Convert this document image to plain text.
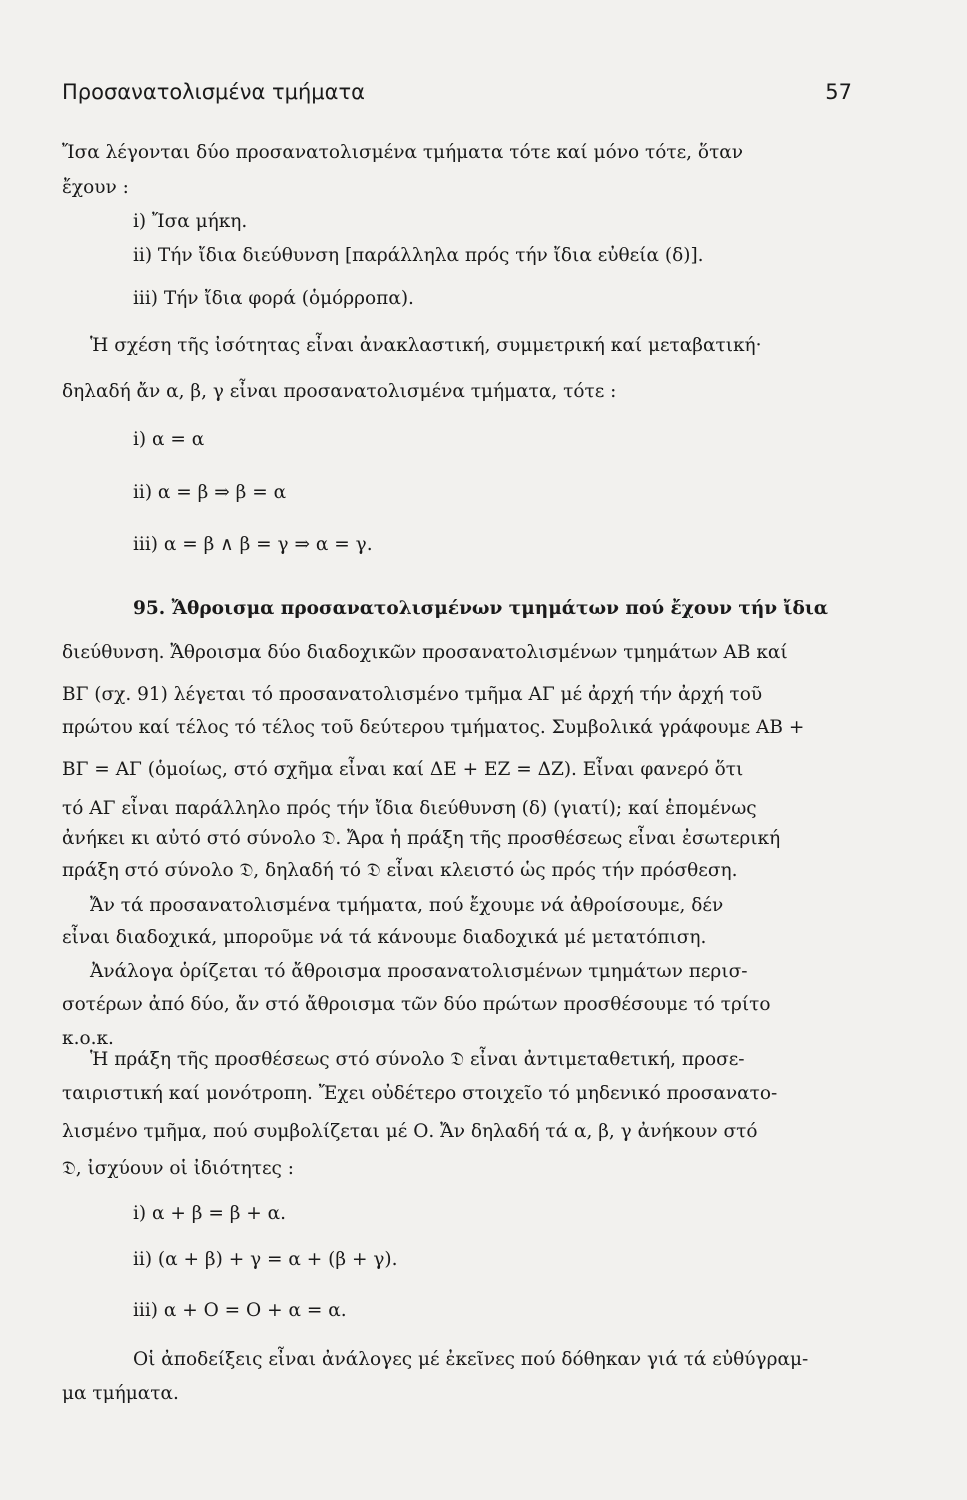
Προσανατολισμένα τμήματα	57
Ἴσα λέγονται δύο προσανατολισμένα τμήματα τότε καί μόνο τότε, ὅταν
ἔχουν :
i) Ἴσα μήκη.
ii) Τήν ἴδια διεύθυνση [παράλληλα πρός τήν ἴδια εὐθεία (δ)].
iii) Τήν ἴδια φορά (ὁμόρροπα).
Ἡ σχέση τῆς ἰσότητας εἶναι ἀνακλαστική, συμμετρική καί μεταβατική·
δηλαδή ἄν α, β, γ εἶναι προσανατολισμένα τμήματα, τότε :
i) α = α
ii) α = β ⇒ β = α
iii) α = β ∧ β = γ ⇒ α = γ.
95. Ἄθροισμα προσανατολισμένων τμημάτων πού ἔχουν τήν ἴδια
διεύθυνση. Ἄθροισμα δύο διαδοχικῶν προσανατολισμένων τμημάτων ΑΒ καί
ΒΓ (σχ. 91) λέγεται τό προσανατολισμένο τμῆμα ΑΓ μέ ἀρχή τήν ἀρχή τοῦ
πρώτου καί τέλος τό τέλος τοῦ δεύτερου τμήματος. Συμβολικά γράφουμε ΑΒ +
ΒΓ = ΑΓ (ὁμοίως, στό σχῆμα εἶναι καί ΔΕ + ΕΖ = ΔΖ). Εἶναι φανερό ὅτι
τό ΑΓ εἶναι παράλληλο πρός τήν ἴδια διεύθυνση (δ) (γιατί); καί ἑπομένως
ἀνήκει κι αὐτό στό σύνολο 𝔇. Ἄρα ἡ πράξη τῆς προσθέσεως εἶναι ἐσωτερική
πράξη στό σύνολο 𝔇, δηλαδή τό 𝔇 εἶναι κλειστό ὡς πρός τήν πρόσθεση.
Ἄν τά προσανατολισμένα τμήματα, πού ἔχουμε νά ἀθροίσουμε, δέν
εἶναι διαδοχικά, μποροῦμε νά τά κάνουμε διαδοχικά μέ μετατόπιση.
Ἀνάλογα ὁρίζεται τό ἄθροισμα προσανατολισμένων τμημάτων περισ-
σοτέρων ἀπό δύο, ἄν στό ἄθροισμα τῶν δύο πρώτων προσθέσουμε τό τρίτο
κ.ο.κ.
Ἡ πράξη τῆς προσθέσεως στό σύνολο 𝔇 εἶναι ἀντιμεταθετική, προσε-
ταιριστική καί μονότροπη. Ἔχει οὐδέτερο στοιχεῖο τό μηδενικό προσανατο-
λισμένο τμῆμα, πού συμβολίζεται μέ Ο. Ἄν δηλαδή τά α, β, γ ἀνήκουν στό
𝔇, ἰσχύουν οἱ ἰδιότητες :
i) α + β = β + α.
ii) (α + β) + γ = α + (β + γ).
iii) α + Ο = Ο + α = α.
Οἱ ἀποδείξεις εἶναι ἀνάλογες μέ ἐκεῖνες πού δόθηκαν γιά τά εὐθύγραμ-
μα τμήματα.
